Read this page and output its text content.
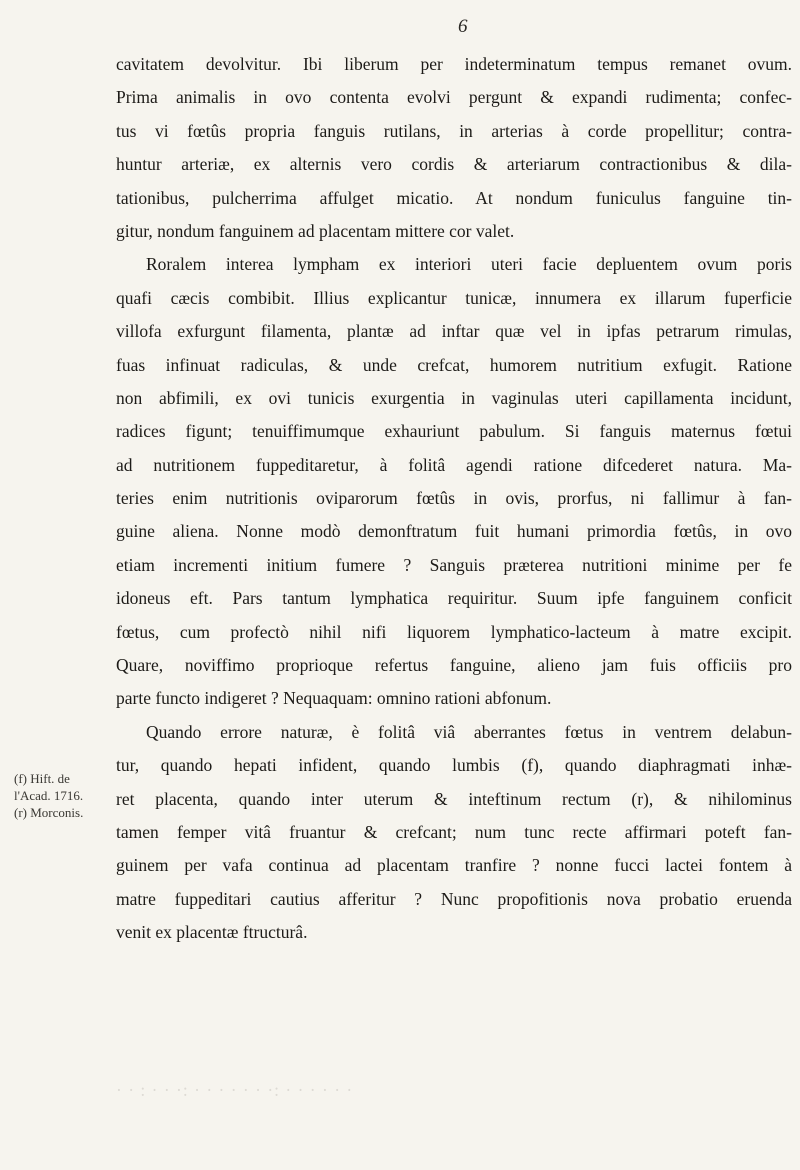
6
cavitatem devolvitur. Ibi liberum per indeterminatum tempus remanet ovum.
Prima animalis in ovo contenta evolvi pergunt & expandi rudimenta; confec-
tus vi fœtûs propria fanguis rutilans, in arterias à corde propellitur; contra-
huntur arteriæ, ex alternis vero cordis & arteriarum contractionibus & dila-
tationibus, pulcherrima affulget micatio. At nondum funiculus fanguine tin-
gitur, nondum fanguinem ad placentam mittere cor valet.
Roralem interea lympham ex interiori uteri facie depluentem ovum poris
quafi cæcis combibit. Illius explicantur tunicæ, innumera ex illarum fuperficie
villofa exfurgunt filamenta, plantæ ad inftar quæ vel in ipfas petrarum rimulas,
fuas infinuat radiculas, & unde crefcat, humorem nutritium exfugit. Ratione
non abfimili, ex ovi tunicis exurgentia in vaginulas uteri capillamenta incidunt,
radices figunt; tenuiffimumque exhauriunt pabulum. Si fanguis maternus fœtui
ad nutritionem fuppeditaretur, à folitâ agendi ratione difcederet natura. Ma-
teries enim nutritionis oviparorum fœtûs in ovis, prorfus, ni fallimur à fan-
guine aliena. Nonne modò demonftratum fuit humani primordia fœtûs, in ovo
etiam incrementi initium fumere ? Sanguis præterea nutritioni minime per fe
idoneus eft. Pars tantum lymphatica requiritur. Suum ipfe fanguinem conficit
fœtus, cum profectò nihil nifi liquorem lymphatico-lacteum à matre excipit.
Quare, noviffimo proprioque refertus fanguine, alieno jam fuis officiis pro
parte functo indigeret ? Nequaquam: omnino rationi abfonum.
Quando errore naturæ, è folitâ viâ aberrantes fœtus in ventrem delabun-
tur, quando hepati infident, quando lumbis (f), quando diaphragmati inhæ-
ret placenta, quando inter uterum & inteftinum rectum (r), & nihilominus
tamen femper vitâ fruantur & crefcant; num tunc recte affirmari poteft fan-
guinem per vafa continua ad placentam tranfire ? nonne fucci lactei fontem à
matre fuppeditari cautius afferitur ? Nunc propofitionis nova probatio eruenda
venit ex placentæ ftructurâ.
(f) Hift. de
l'Acad. 1716.
(r) Morconis.
· · : · · ·: · · · · · · ·: · · · · · ·
